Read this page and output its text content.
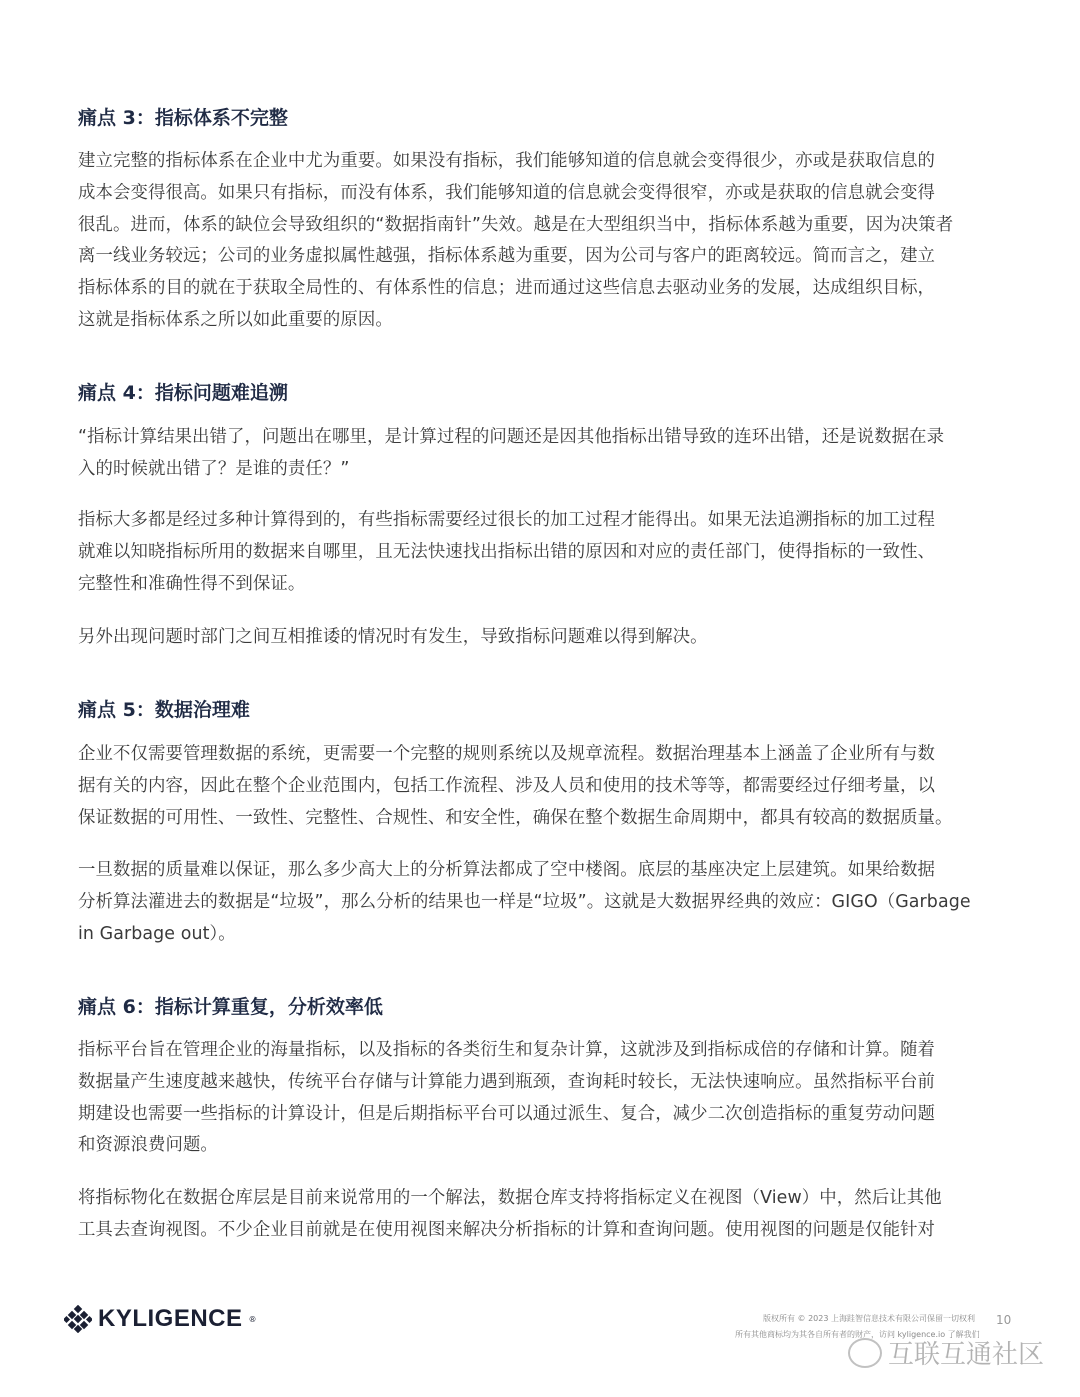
痛点 3：指标体系不完整
建立完整的指标体系在企业中尤为重要。如果没有指标，我们能够知道的信息就会变得很少，亦或是获取信息的
成本会变得很高。如果只有指标，而没有体系，我们能够知道的信息就会变得很窄，亦或是获取的信息就会变得
很乱。进而，体系的缺位会导致组织的“数据指南针”失效。越是在大型组织当中，指标体系越为重要，因为决策者
离一线业务较远；公司的业务虚拟属性越强，指标体系越为重要，因为公司与客户的距离较远。简而言之，建立
指标体系的目的就在于获取全局性的、有体系性的信息；进而通过这些信息去驱动业务的发展，达成组织目标，
这就是指标体系之所以如此重要的原因。
痛点 4：指标问题难追溯
“指标计算结果出错了，问题出在哪里，是计算过程的问题还是因其他指标出错导致的连环出错，还是说数据在录
入的时候就出错了？是谁的责任？”
指标大多都是经过多种计算得到的，有些指标需要经过很长的加工过程才能得出。如果无法追溯指标的加工过程
就难以知晓指标所用的数据来自哪里，且无法快速找出指标出错的原因和对应的责任部门，使得指标的一致性、
完整性和准确性得不到保证。
另外出现问题时部门之间互相推诿的情况时有发生，导致指标问题难以得到解决。
痛点 5：数据治理难
企业不仅需要管理数据的系统，更需要一个完整的规则系统以及规章流程。数据治理基本上涵盖了企业所有与数
据有关的内容，因此在整个企业范围内，包括工作流程、涉及人员和使用的技术等等，都需要经过仔细考量，以
保证数据的可用性、一致性、完整性、合规性、和安全性，确保在整个数据生命周期中，都具有较高的数据质量。
一旦数据的质量难以保证，那么多少高大上的分析算法都成了空中楼阁。底层的基座决定上层建筑。如果给数据
分析算法灌进去的数据是“垃圾”，那么分析的结果也一样是“垃圾”。这就是大数据界经典的效应：GIGO（Garbage
in Garbage out）。
痛点 6：指标计算重复，分析效率低
指标平台旨在管理企业的海量指标，以及指标的各类衍生和复杂计算，这就涉及到指标成倍的存储和计算。随着
数据量产生速度越来越快，传统平台存储与计算能力遇到瓶颈，查询耗时较长，无法快速响应。虽然指标平台前
期建设也需要一些指标的计算设计，但是后期指标平台可以通过派生、复合，减少二次创造指标的重复劳动问题
和资源浪费问题。
将指标物化在数据仓库层是目前来说常用的一个解法，数据仓库支持将指标定义在视图（View）中，然后让其他
工具去查询视图。不少企业目前就是在使用视图来解决分析指标的计算和查询问题。使用视图的问题是仅能针对
KYLIGENCE ®	版权所有 © 2023 上海跬智信息技术有限公司保留一切权利
所有其他商标均为其各自所有者的财产，访问 kyligence.io 了解我们
10
互联互通社区
